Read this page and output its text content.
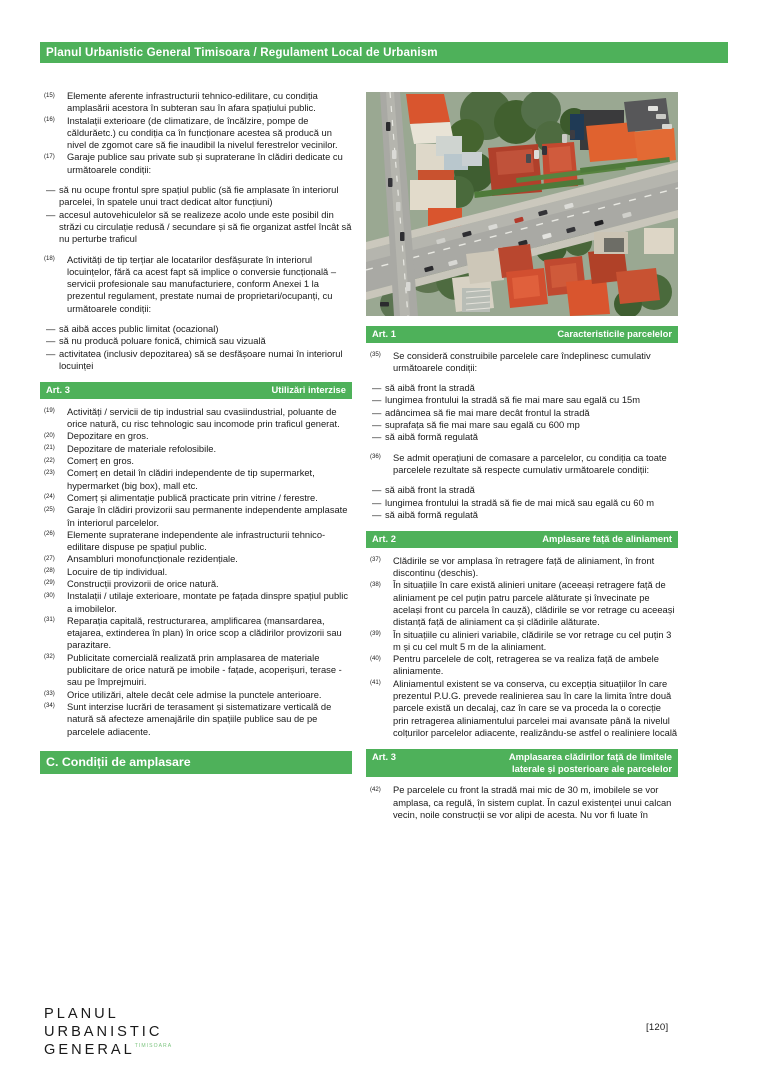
Planul Urbanistic General Timisoara / Regulament Local de Urbanism
(15)	Elemente aferente infrastructurii tehnico-edilitare, cu condiția amplasării acestora în subteran sau în afara spațiului public.
(16)	Instalații exterioare (de climatizare, de încălzire, pompe de căldurăetc.) cu condiția ca în funcționare acestea să producă un nivel de zgomot care să fie inaudibil la nivelul ferestrelor vecinilor.
(17)	Garaje publice sau private sub și supraterane în clădiri dedicate cu următoarele condiții:
— să nu ocupe frontul spre spațiul public (să fie amplasate în interiorul parcelei, în spatele unui tract dedicat altor funcțiuni)
— accesul autovehiculelor să se realizeze acolo unde este posibil din străzi cu circulație redusă / secundare și să fie organizat astfel încât să nu perturbe traficul
(18)	Activități de tip terțiar ale locatarilor desfășurate în interiorul locuințelor, fără ca acest fapt să implice o conversie funcțională – servicii profesionale sau manufacturiere, conform Anexei 1 la prezentul regulament, prestate numai de proprietari/ocupanți, cu următoarele condiții:
— să aibă acces public limitat (ocazional)
— să nu producă poluare fonică, chimică sau vizuală
— activitatea (inclusiv depozitarea) să se desfășoare numai în interiorul locuinței
Art. 3	Utilizări interzise
(19)	Activități / servicii de tip industrial sau cvasiindustrial, poluante de orice natură, cu risc tehnologic sau incomode prin traficul generat.
(20)	Depozitare en gros.
(21)	Depozitare de materiale refolosibile.
(22)	Comerț en gros.
(23)	Comerț en detail în clădiri independente de tip supermarket, hypermarket (big box), mall etc.
(24)	Comerț și alimentație publică practicate prin vitrine / ferestre.
(25)	Garaje în clădiri provizorii sau permanente independente amplasate în interiorul parcelelor.
(26)	Elemente supraterane independente ale infrastructurii tehnico-edilitare dispuse pe spațiul public.
(27)	Ansambluri monofuncționale rezidențiale.
(28)	Locuire de tip individual.
(29)	Construcții provizorii de orice natură.
(30)	Instalații / utilaje exterioare, montate pe fațada dinspre spațiul public a imobilelor.
(31)	Reparația capitală, restructurarea, amplificarea (mansardarea, etajarea, extinderea în plan) în orice scop a clădirilor provizorii sau parazitare.
(32)	Publicitate comercială realizată prin amplasarea de materiale publicitare de orice natură pe imobile - fațade, acoperișuri, terase - sau pe împrejmuiri.
(33)	Orice utilizări, altele decât cele admise la punctele anterioare.
(34)	Sunt interzise lucrări de terasament și sistematizare verticală de natură să afecteze amenajările din spațiile publice sau de pe parcelele adiacente.
C. Condiții de amplasare
Art. 1	Caracteristicile parcelelor
(35)	Se consideră construibile parcelele care îndeplinesc cumulativ următoarele condiții:
— să aibă front la stradă
— lungimea frontului la stradă să fie mai mare sau egală cu 15m
— adâncimea să fie mai mare decât frontul la stradă
— suprafața să fie mai mare sau egală cu 600 mp
— să aibă formă regulată
(36)	Se admit operațiuni de comasare a parcelelor, cu condiția ca toate parcelele rezultate să respecte cumulativ următoarele condiții:
— să aibă front la stradă
— lungimea frontului la stradă să fie de mai mică sau egală cu 60 m
— să aibă formă regulată
Art. 2	Amplasare față de aliniament
(37)	Clădirile se vor amplasa în retragere față de aliniament, în front discontinu (deschis).
(38)	În situațiile în care există alinieri unitare (aceeași retragere față de aliniament pe cel puțin patru parcele alăturate și învecinate pe același front cu parcela în cauză), clădirile se vor retrage cu aceeași distanță față de aliniament ca și clădirile alăturate.
(39)	În situațiile cu alinieri variabile, clădirile se vor retrage cu cel puțin 3 m și cu cel mult 5 m de la aliniament.
(40)	Pentru parcelele de colț, retragerea se va realiza față de ambele aliniamente.
(41)	Aliniamentul existent se va conserva, cu excepția situațiilor în care prezentul P.U.G. prevede realinierea sau în care la limita între două parcele există un decalaj, caz în care se va proceda la o corecție prin retragerea aliniamentului parcelei mai avansate până la nivelul colțurilor parcelelor adiacente, realizându-se astfel o realiniere locală
Art. 3	Amplasarea clădirilor față de limitele
laterale și posterioare ale parcelelor
(42)	Pe parcelele cu front la stradă mai mic de 30 m, imobilele se vor amplasa, ca regulă, în sistem cuplat. În cazul existenței unui calcan vecin, noile construcții se vor alipi de acesta. Nu vor fi luate în
PLANUL
URBANISTIC
GENERAL TIMISOARA
[120]
